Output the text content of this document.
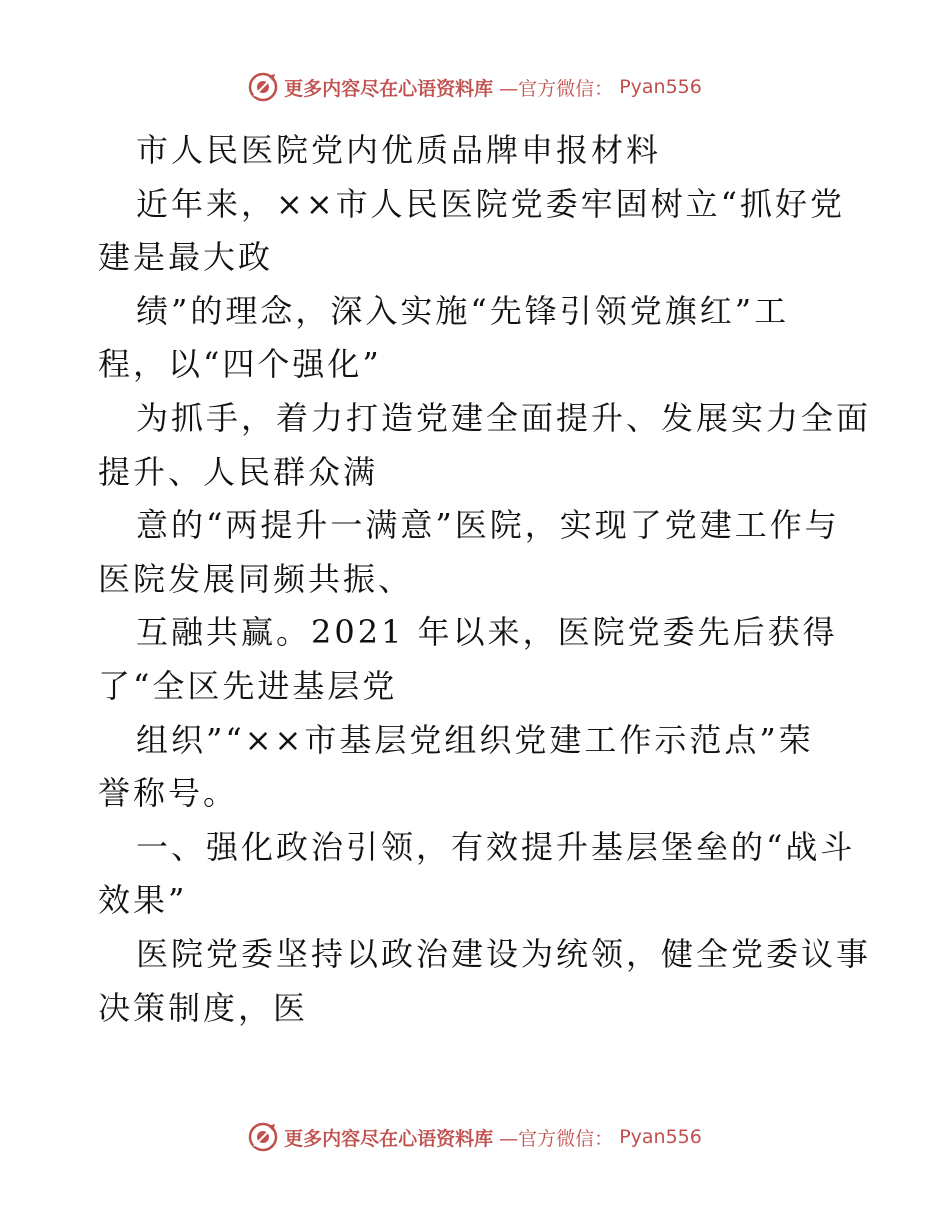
更多内容尽在心语资料库 —官方微信： Pyan556
市人民医院党内优质品牌申报材料
近年来，××市人民医院党委牢固树立“抓好党
建是最大政
绩”的理念，深入实施“先锋引领党旗红”工
程，以“四个强化”
为抓手，着力打造党建全面提升、发展实力全面
提升、人民群众满
意的“两提升一满意”医院，实现了党建工作与
医院发展同频共振、
互融共赢。2021 年以来，医院党委先后获得
了“全区先进基层党
组织”“××市基层党组织党建工作示范点”荣
誉称号。
一、强化政治引领，有效提升基层堡垒的“战斗
效果”
医院党委坚持以政治建设为统领，健全党委议事
决策制度，医
更多内容尽在心语资料库 —官方微信： Pyan556
